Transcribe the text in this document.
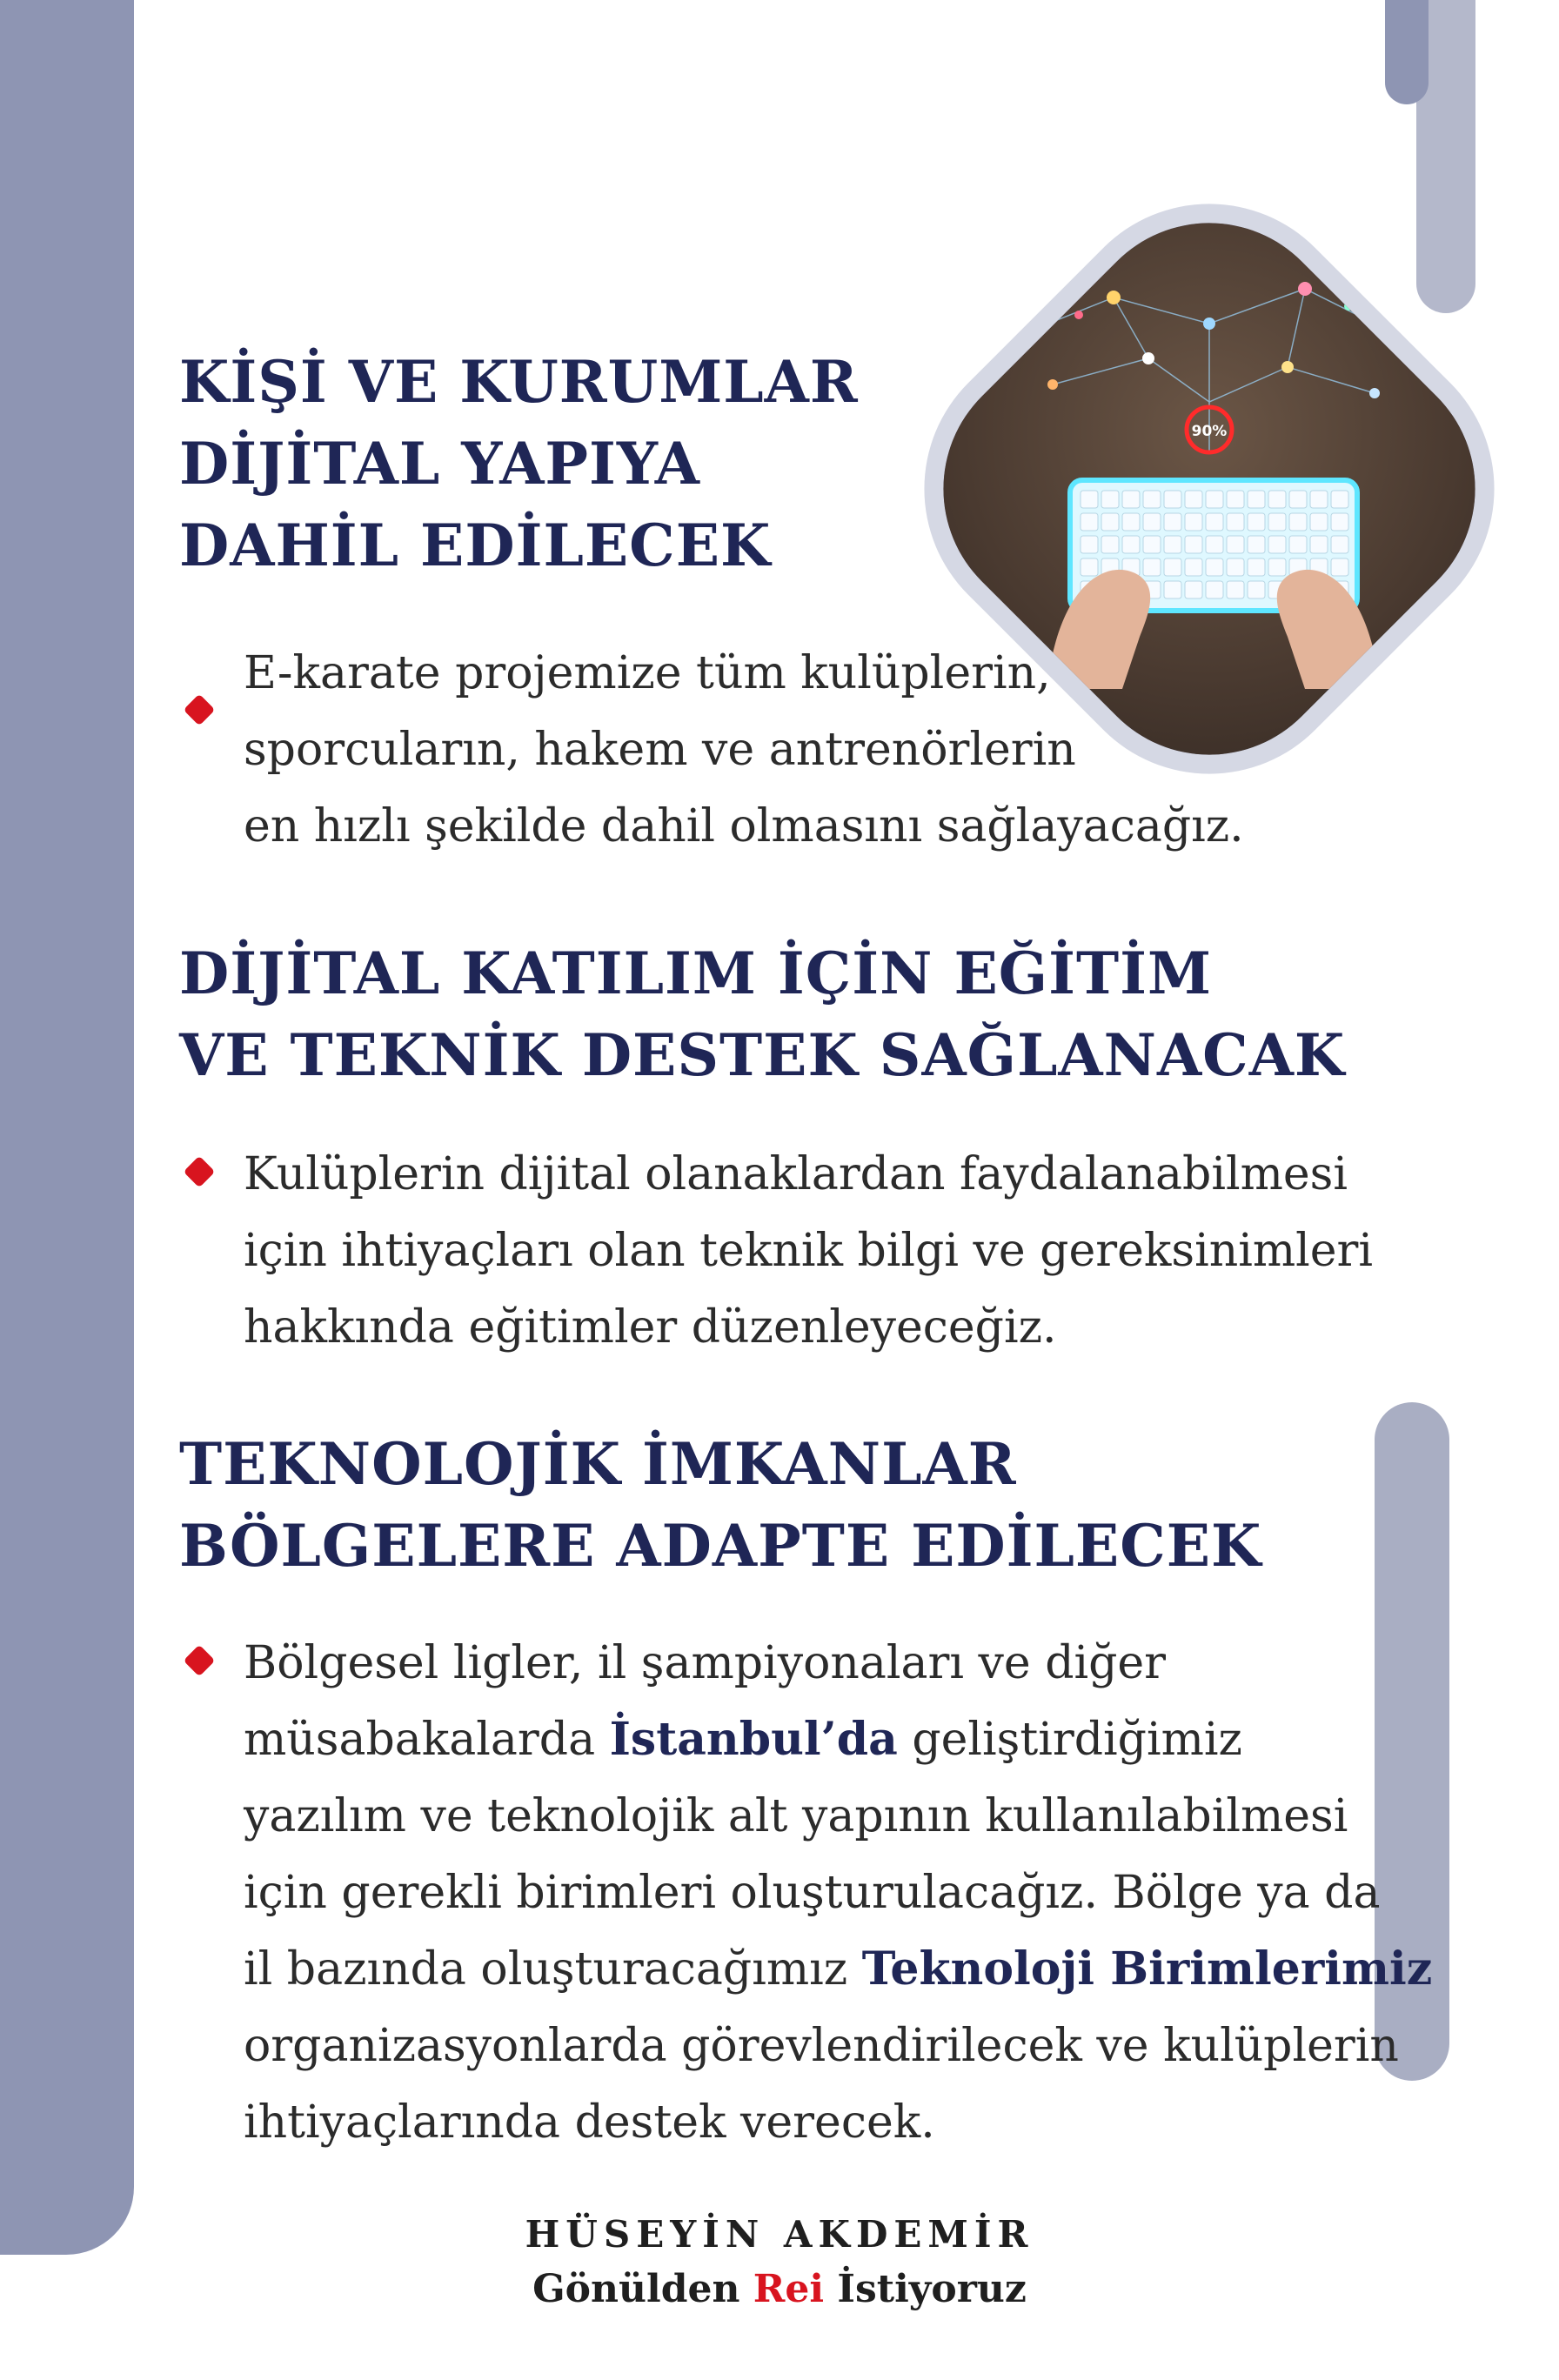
90%
KİŞİ VE KURUMLAR
DİJİTAL YAPIYA
DAHİL EDİLECEK

E-karate projemize tüm kulüplerin,
sporcuların, hakem ve antrenörlerin
en hızlı şekilde dahil olmasını sağlayacağız.

DİJİTAL KATILIM İÇİN EĞİTİM
VE TEKNİK DESTEK SAĞLANACAK

Kulüplerin dijital olanaklardan faydalanabilmesi
için ihtiyaçları olan teknik bilgi ve gereksinimleri
hakkında eğitimler düzenleyeceğiz.

TEKNOLOJİK İMKANLAR
BÖLGELERE ADAPTE EDİLECEK

Bölgesel ligler, il şampiyonaları ve diğer
müsabakalarda İstanbul’da geliştirdiğimiz
yazılım ve teknolojik alt yapının kullanılabilmesi
için gerekli birimleri oluşturulacağız. Bölge ya da
il bazında oluşturacağımız Teknoloji Birimlerimiz
organizasyonlarda görevlendirilecek ve kulüplerin
ihtiyaçlarında destek verecek.

HÜSEYİN AKDEMİR
Gönülden Rei İstiyoruz
